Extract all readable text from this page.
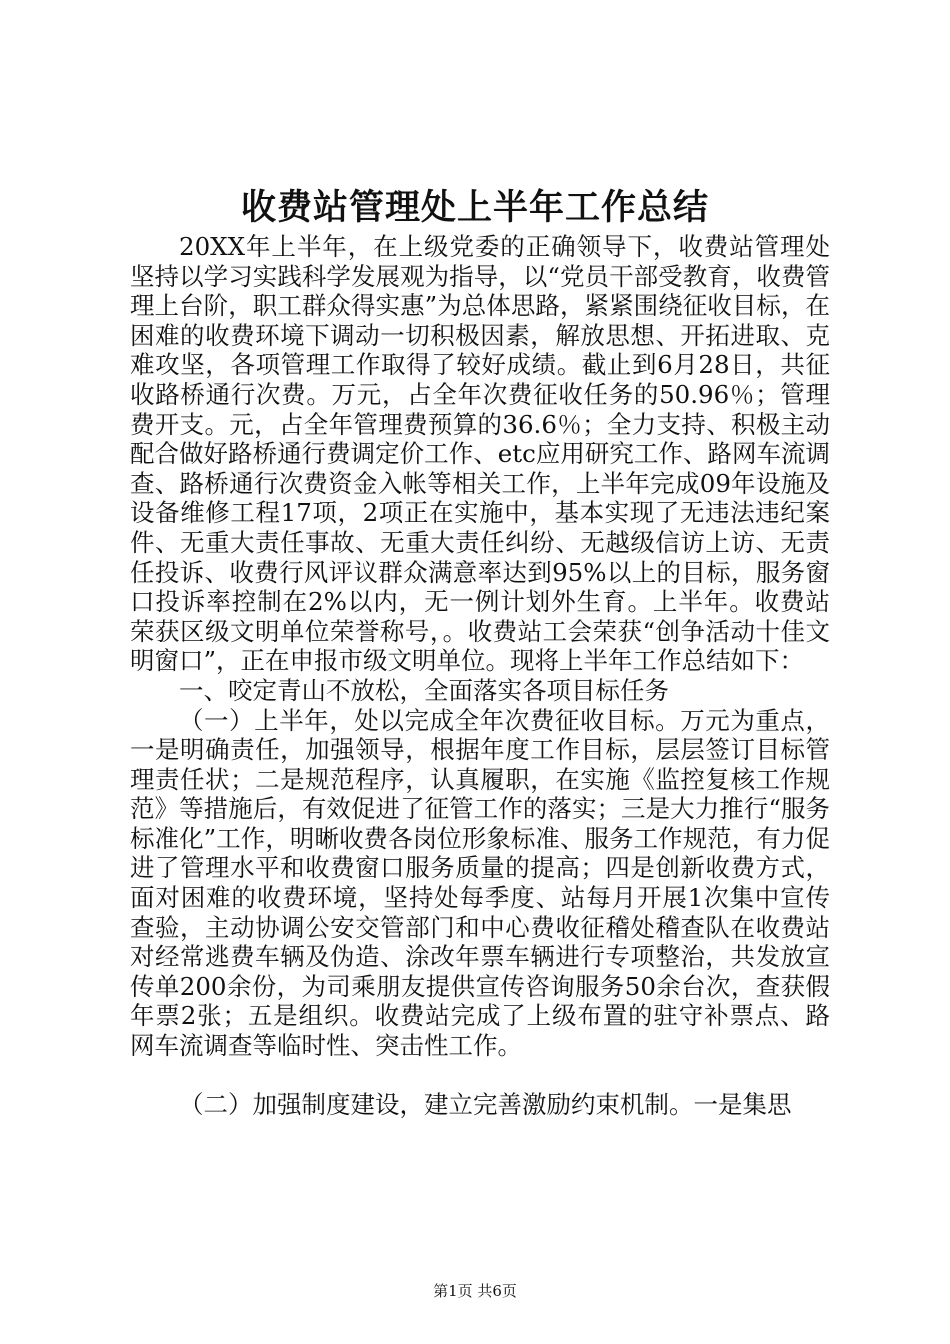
收费站管理处上半年工作总结

20XX年上半年，在上级党委的正确领导下，收费站管理处坚持以学习实践科学发展观为指导，以“党员干部受教育，收费管理上台阶，职工群众得实惠”为总体思路，紧紧围绕征收目标，在困难的收费环境下调动一切积极因素，解放思想、开拓进取、克难攻坚，各项管理工作取得了较好成绩。截止到6月28日，共征收路桥通行次费。万元，占全年次费征收任务的50.96％；管理费开支。元，占全年管理费预算的36.6％；全力支持、积极主动配合做好路桥通行费调定价工作、etc应用研究工作、路网车流调查、路桥通行次费资金入帐等相关工作，上半年完成09年设施及设备维修工程17项，2项正在实施中，基本实现了无违法违纪案件、无重大责任事故、无重大责任纠纷、无越级信访上访、无责任投诉、收费行风评议群众满意率达到95%以上的目标，服务窗口投诉率控制在2%以内，无一例计划外生育。上半年。收费站荣获区级文明单位荣誉称号，。收费站工会荣获“创争活动十佳文明窗口”，正在申报市级文明单位。现将上半年工作总结如下：

一、咬定青山不放松，全面落实各项目标任务

（一）上半年，处以完成全年次费征收目标。万元为重点，一是明确责任，加强领导，根据年度工作目标，层层签订目标管理责任状；二是规范程序，认真履职，在实施《监控复核工作规范》等措施后，有效促进了征管工作的落实；三是大力推行“服务标准化”工作，明晰收费各岗位形象标准、服务工作规范，有力促进了管理水平和收费窗口服务质量的提高；四是创新收费方式，面对困难的收费环境，坚持处每季度、站每月开展1次集中宣传查验，主动协调公安交管部门和中心费收征稽处稽查队在收费站对经常逃费车辆及伪造、涂改年票车辆进行专项整治，共发放宣传单200余份，为司乘朋友提供宣传咨询服务50余台次，查获假年票2张；五是组织。收费站完成了上级布置的驻守补票点、路网车流调查等临时性、突击性工作。

（二）加强制度建设，建立完善激励约束机制。一是集思

第1页 共6页
